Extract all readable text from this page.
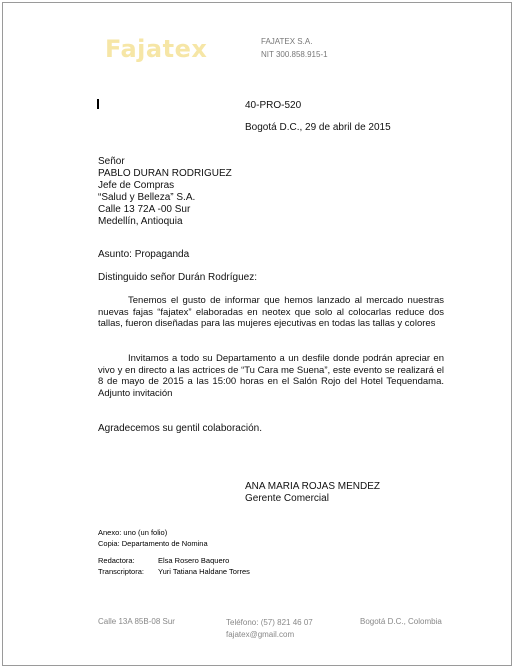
Fajatex	FAJATEX S.A.
NIT 300.858.915-1
40-PRO-520
Bogotá D.C., 29 de abril de 2015
Señor
PABLO DURAN RODRIGUEZ
Jefe de Compras
“Salud y Belleza” S.A.
Calle 13 72A -00 Sur
Medellín, Antioquia
Asunto: Propaganda
Distinguido señor Durán Rodríguez:
Tenemos el gusto de informar que hemos lanzado al mercado nuestras nuevas fajas “fajatex” elaboradas en neotex que solo al colocarlas reduce dos tallas, fueron diseñadas para las mujeres ejecutivas en todas las tallas y colores
Invitamos a todo su Departamento a un desfile donde podrán apreciar en vivo y en directo a las actrices de “Tu Cara me Suena”, este evento se realizará el 8 de mayo de 2015 a las 15:00 horas en el Salón Rojo del Hotel Tequendama. Adjunto invitación
Agradecemos su gentil colaboración.
ANA MARIA ROJAS MENDEZ
Gerente Comercial
Anexo: uno (un folio)
Copia: Departamento de Nomina
Redactora:
Transcriptora:
Elsa Rosero Baquero
Yuri Tatiana Haldane Torres
Calle 13A 85B-08 Sur	Teléfono: (57) 821 46 07
fajatex@gmail.com
Bogotá D.C., Colombia
